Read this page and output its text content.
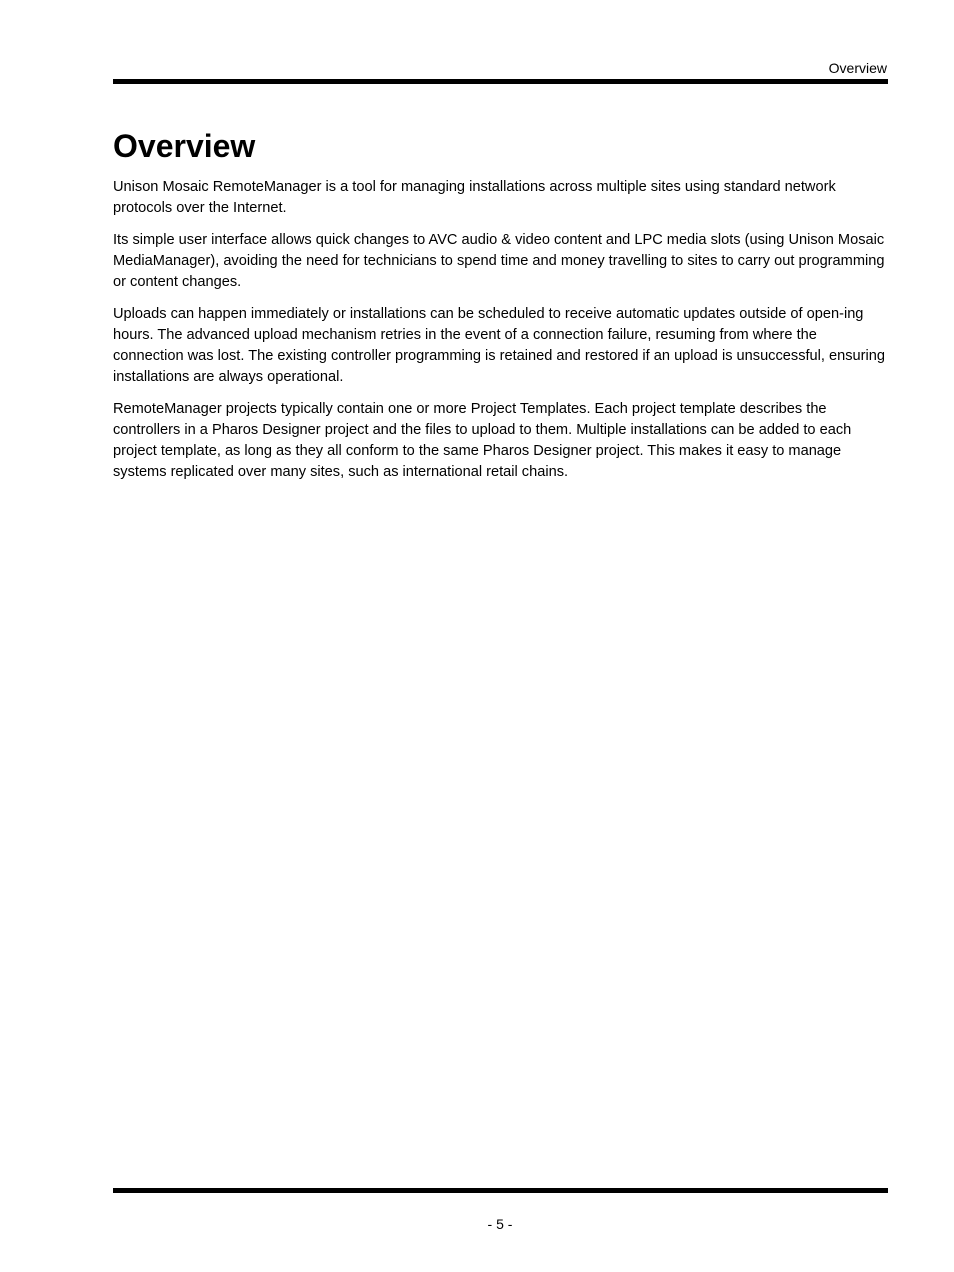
Overview
Overview

Unison Mosaic RemoteManager is a tool for managing installations across multiple sites using standard network protocols over the Internet.

Its simple user interface allows quick changes to AVC audio & video content and LPC media slots (using Unison Mosaic MediaManager), avoiding the need for technicians to spend time and money travelling to sites to carry out programming or content changes.

Uploads can happen immediately or installations can be scheduled to receive automatic updates outside of open-ing hours. The advanced upload mechanism retries in the event of a connection failure, resuming from where the connection was lost. The existing controller programming is retained and restored if an upload is unsuccessful, ensuring installations are always operational.

RemoteManager projects typically contain one or more Project Templates. Each project template describes the controllers in a Pharos Designer project and the files to upload to them. Multiple installations can be added to each project template, as long as they all conform to the same Pharos Designer project. This makes it easy to manage systems replicated over many sites, such as international retail chains.

- 5 -
